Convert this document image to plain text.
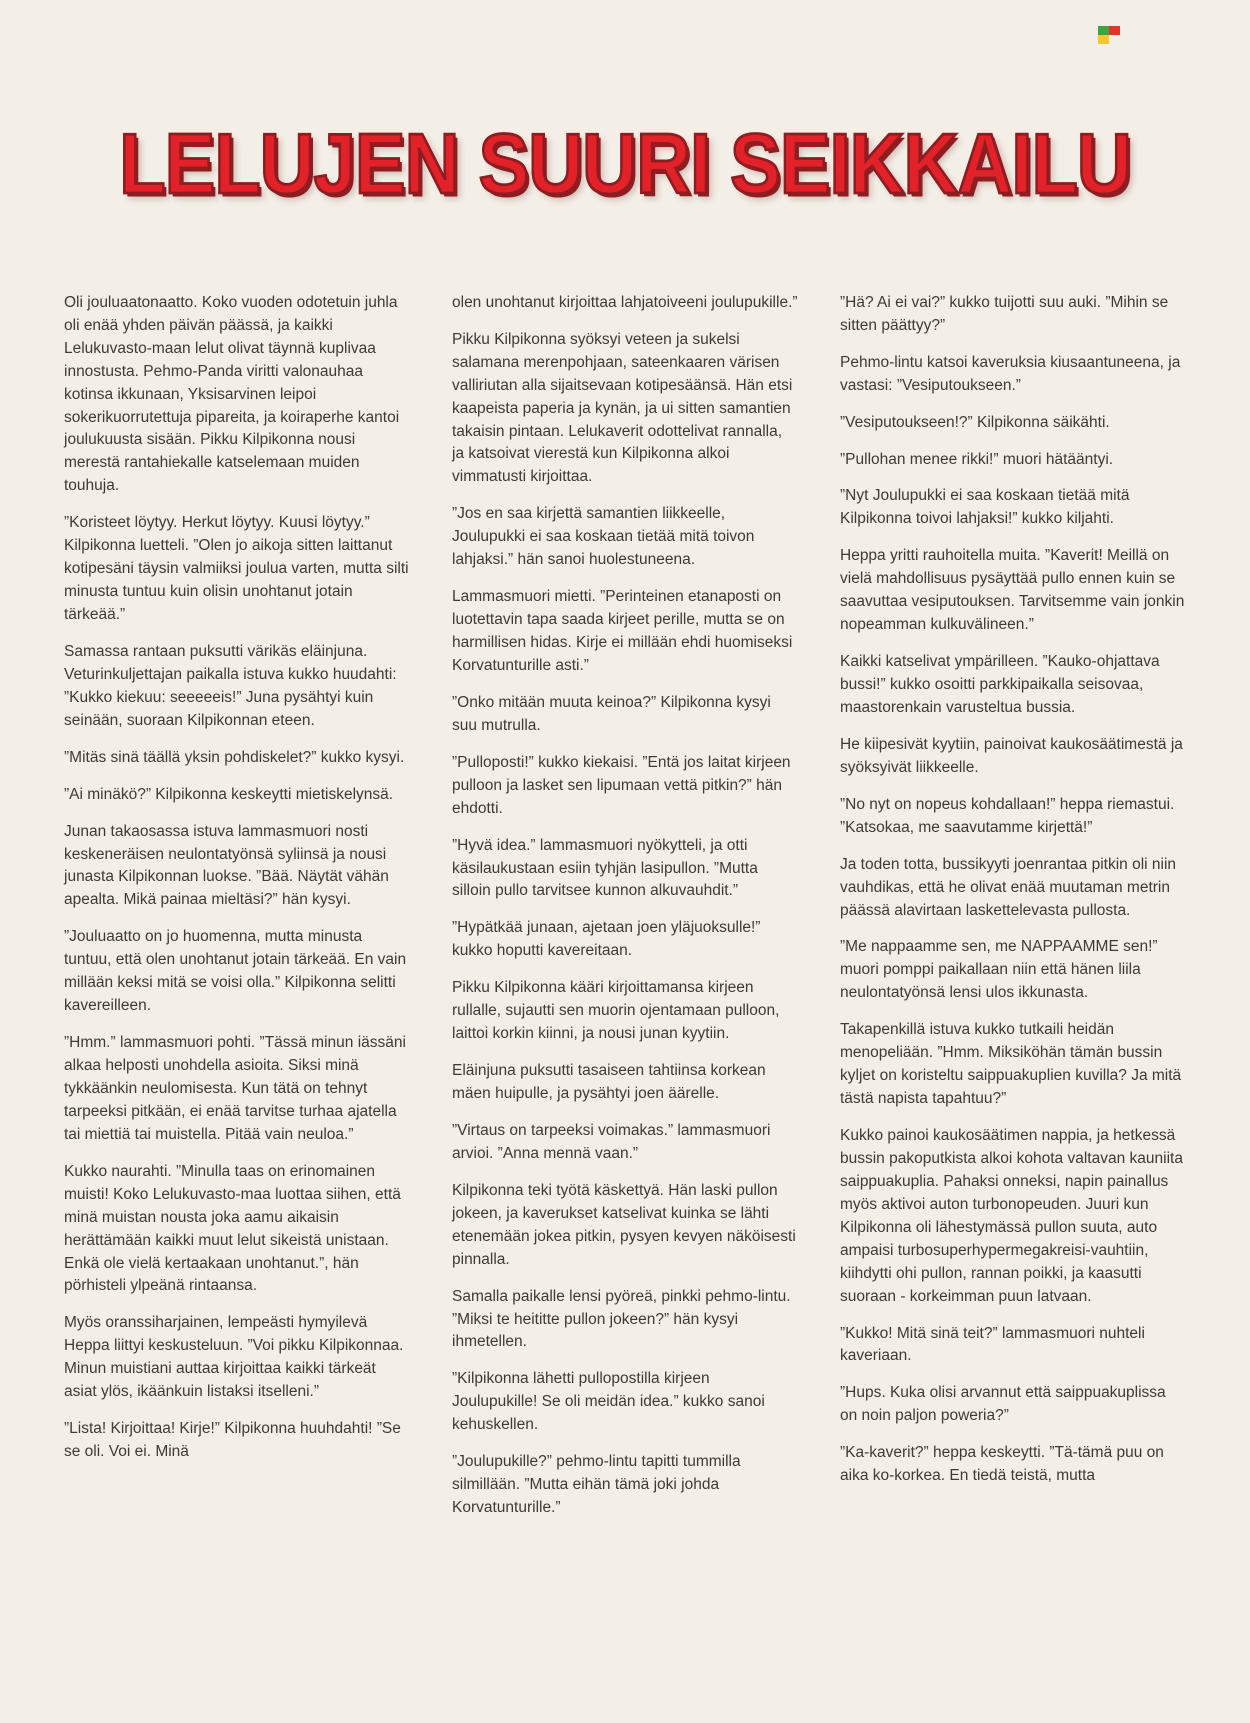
LELUJEN SUURI SEIKKAILU

Oli jouluaatonaatto. Koko vuoden odotetuin juhla oli enää yhden päivän päässä, ja kaikki Lelukuvasto-maan lelut olivat täynnä kuplivaa innostusta. Pehmo-Panda viritti valonauhaa kotinsa ikkunaan, Yksisarvinen leipoi sokerikuorrutettuja pipareita, ja koiraperhe kantoi joulukuusta sisään. Pikku Kilpikonna nousi merestä rantahiekalle katselemaan muiden touhuja.

”Koristeet löytyy. Herkut löytyy. Kuusi löytyy.” Kilpikonna luetteli. ”Olen jo aikoja sitten laittanut kotipesäni täysin valmiiksi joulua varten, mutta silti minusta tuntuu kuin olisin unohtanut jotain tärkeää.”

Samassa rantaan puksutti värikäs eläinjuna. Veturinkuljettajan paikalla istuva kukko huudahti: ”Kukko kiekuu: seeeeeis!” Juna pysähtyi kuin seinään, suoraan Kilpikonnan eteen.

”Mitäs sinä täällä yksin pohdiskelet?” kukko kysyi.

”Ai minäkö?” Kilpikonna keskeytti mietiskelynsä.

Junan takaosassa istuva lammasmuori nosti keskeneräisen neulontatyönsä syliinsä ja nousi junasta Kilpikonnan luokse. ”Bää. Näytät vähän apealta. Mikä painaa mieltäsi?” hän kysyi.

”Jouluaatto on jo huomenna, mutta minusta tuntuu, että olen unohtanut jotain tärkeää. En vain millään keksi mitä se voisi olla.” Kilpikonna selitti kavereilleen.

”Hmm.” lammasmuori pohti. ”Tässä minun iässäni alkaa helposti unohdella asioita. Siksi minä tykkäänkin neulomisesta. Kun tätä on tehnyt tarpeeksi pitkään, ei enää tarvitse turhaa ajatella tai miettiä tai muistella. Pitää vain neuloa.”

Kukko naurahti. ”Minulla taas on erinomainen muisti! Koko Lelukuvasto-maa luottaa siihen, että minä muistan nousta joka aamu aikaisin herättämään kaikki muut lelut sikeistä unistaan. Enkä ole vielä kertaakaan unohtanut.”, hän pörhisteli ylpeänä rintaansa.

Myös oranssiharjainen, lempeästi hymyilevä Heppa liittyi keskusteluun. ”Voi pikku Kilpikonnaa. Minun muistiani auttaa kirjoittaa kaikki tärkeät asiat ylös, ikäänkuin listaksi itselleni.”

”Lista! Kirjoittaa! Kirje!” Kilpikonna huuhdahti! ”Se se oli. Voi ei. Minä

olen unohtanut kirjoittaa lahjatoiveeni joulupukille.”

Pikku Kilpikonna syöksyi veteen ja sukelsi salamana merenpohjaan, sateenkaaren värisen valliriutan alla sijaitsevaan kotipesäänsä. Hän etsi kaapeista paperia ja kynän, ja ui sitten samantien takaisin pintaan. Lelukaverit odottelivat rannalla, ja katsoivat vierestä kun Kilpikonna alkoi vimmatusti kirjoittaa.

”Jos en saa kirjettä samantien liikkeelle, Joulupukki ei saa koskaan tietää mitä toivon lahjaksi.” hän sanoi huolestuneena.

Lammasmuori mietti. ”Perinteinen etanaposti on luotettavin tapa saada kirjeet perille, mutta se on harmillisen hidas. Kirje ei millään ehdi huomiseksi Korvatunturille asti.”

”Onko mitään muuta keinoa?” Kilpikonna kysyi suu mutrulla.

”Pulloposti!” kukko kiekaisi. ”Entä jos laitat kirjeen pulloon ja lasket sen lipumaan vettä pitkin?” hän ehdotti.

”Hyvä idea.” lammasmuori nyökytteli, ja otti käsilaukustaan esiin tyhjän lasipullon. ”Mutta silloin pullo tarvitsee kunnon alkuvauhdit.”

”Hypätkää junaan, ajetaan joen yläjuoksulle!” kukko hoputti kavereitaan.

Pikku Kilpikonna kääri kirjoittamansa kirjeen rullalle, sujautti sen muorin ojentamaan pulloon, laittoi korkin kiinni, ja nousi junan kyytiin.

Eläinjuna puksutti tasaiseen tahtiinsa korkean mäen huipulle, ja pysähtyi joen äärelle.

”Virtaus on tarpeeksi voimakas.” lammasmuori arvioi. ”Anna mennä vaan.”

Kilpikonna teki työtä käskettyä. Hän laski pullon jokeen, ja kaverukset katselivat kuinka se lähti etenemään jokea pitkin, pysyen kevyen näköisesti pinnalla.

Samalla paikalle lensi pyöreä, pinkki pehmo-lintu. ”Miksi te heititte pullon jokeen?” hän kysyi ihmetellen.

”Kilpikonna lähetti pullopostilla kirjeen Joulupukille! Se oli meidän idea.” kukko sanoi kehuskellen.

”Joulupukille?” pehmo-lintu tapitti tummilla silmillään. ”Mutta eihän tämä joki johda Korvatunturille.”

”Hä? Ai ei vai?” kukko tuijotti suu auki. ”Mihin se sitten päättyy?”

Pehmo-lintu katsoi kaveruksia kiusaantuneena, ja vastasi: ”Vesiputoukseen.”

”Vesiputoukseen!?” Kilpikonna säikähti.

”Pullohan menee rikki!” muori hätääntyi.

”Nyt Joulupukki ei saa koskaan tietää mitä Kilpikonna toivoi lahjaksi!” kukko kiljahti.

Heppa yritti rauhoitella muita. ”Kaverit! Meillä on vielä mahdollisuus pysäyttää pullo ennen kuin se saavuttaa vesiputouksen. Tarvitsemme vain jonkin nopeamman kulkuvälineen.”

Kaikki katselivat ympärilleen. ”Kauko-ohjattava bussi!” kukko osoitti parkkipaikalla seisovaa, maastorenkain varusteltua bussia.

He kiipesivät kyytiin, painoivat kaukosäätimestä ja syöksyivät liikkeelle.

”No nyt on nopeus kohdallaan!” heppa riemastui. ”Katsokaa, me saavutamme kirjettä!”

Ja toden totta, bussikyyti joenrantaa pitkin oli niin vauhdikas, että he olivat enää muutaman metrin päässä alavirtaan laskettelevasta pullosta.

”Me nappaamme sen, me NAPPAAMME sen!” muori pomppi paikallaan niin että hänen liila neulontatyönsä lensi ulos ikkunasta.

Takapenkillä istuva kukko tutkaili heidän menopeliään. ”Hmm. Miksiköhän tämän bussin kyljet on koristeltu saippuakuplien kuvilla? Ja mitä tästä napista tapahtuu?”

Kukko painoi kaukosäätimen nappia, ja hetkessä bussin pakoputkista alkoi kohota valtavan kauniita saippuakuplia. Pahaksi onneksi, napin painallus myös aktivoi auton turbonopeuden. Juuri kun Kilpikonna oli lähestymässä pullon suuta, auto ampaisi turbosuperhypermegakreisi-vauhtiin, kiihdytti ohi pullon, rannan poikki, ja kaasutti suoraan - korkeimman puun latvaan.

”Kukko! Mitä sinä teit?” lammasmuori nuhteli kaveriaan.

”Hups. Kuka olisi arvannut että saippuakuplissa on noin paljon poweria?”

”Ka-kaverit?” heppa keskeytti. ”Tä-tämä puu on aika ko-korkea. En tiedä teistä, mutta
